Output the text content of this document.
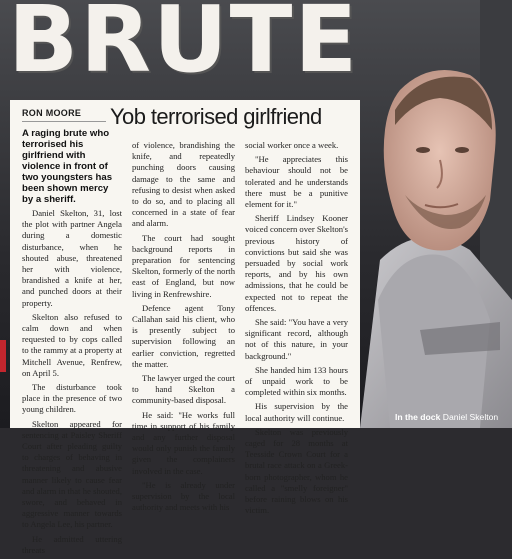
BRUTE
RON MOORE Yob terrorised girlfriend

A raging brute who terrorised his girlfriend with violence in front of two youngsters has been shown mercy by a sheriff.

Daniel Skelton, 31, lost the plot with partner Angela during a domestic disturbance, when he shouted abuse, threatened her with violence, brandished a knife at her, and punched doors at their property.

Skelton also refused to calm down and when requested to by cops called to the rammy at a property at Mitchell Avenue, Renfrew, on April 5.

The disturbance took place in the presence of two young children.

Skelton appeared for sentencing at Paisley Sheriff Court after pleading guilty to charges of behaving in threatening and abusive manner likely to cause fear and alarm in that he shouted, swore, and behaved in aggressive manner towards to Angela Lee, his partner.

He admitted uttering threats

of violence, brandishing the knife, and repeatedly punching doors causing damage to the same and refusing to desist when asked to do so, and to placing all concerned in a state of fear and alarm.

The court had sought background reports in preparation for sentencing Skelton, formerly of the north east of England, but now living in Renfrewshire.

Defence agent Tony Callahan said his client, who is presently subject to supervision following an earlier conviction, regretted the matter.

The lawyer urged the court to hand Skelton a community-based disposal.

He said: "He works full time in support of his family and any further disposal would only punish the family given the complainers involved in the case.

"He is already under supervision by the local authority and meets with his

social worker once a week.

"He appreciates this behaviour should not be tolerated and he understands there must be a punitive element for it."

Sheriff Lindsey Kooner voiced concern over Skelton's previous history of convictions but said she was persuaded by social work reports, and by his own admissions, that he could be expected not to repeat the offences.

She said: "You have a very significant record, although not of this nature, in your background."

She handed him 133 hours of unpaid work to be completed within six months.

His supervision by the local authority will continue.

Skelton was previously caged for 28 months at Teesside Crown Court for a brutal race attack on a Greek-born photographer, whom he called a "smelly foreigner" before raining blows on his victim.

In the dock Daniel Skelton
